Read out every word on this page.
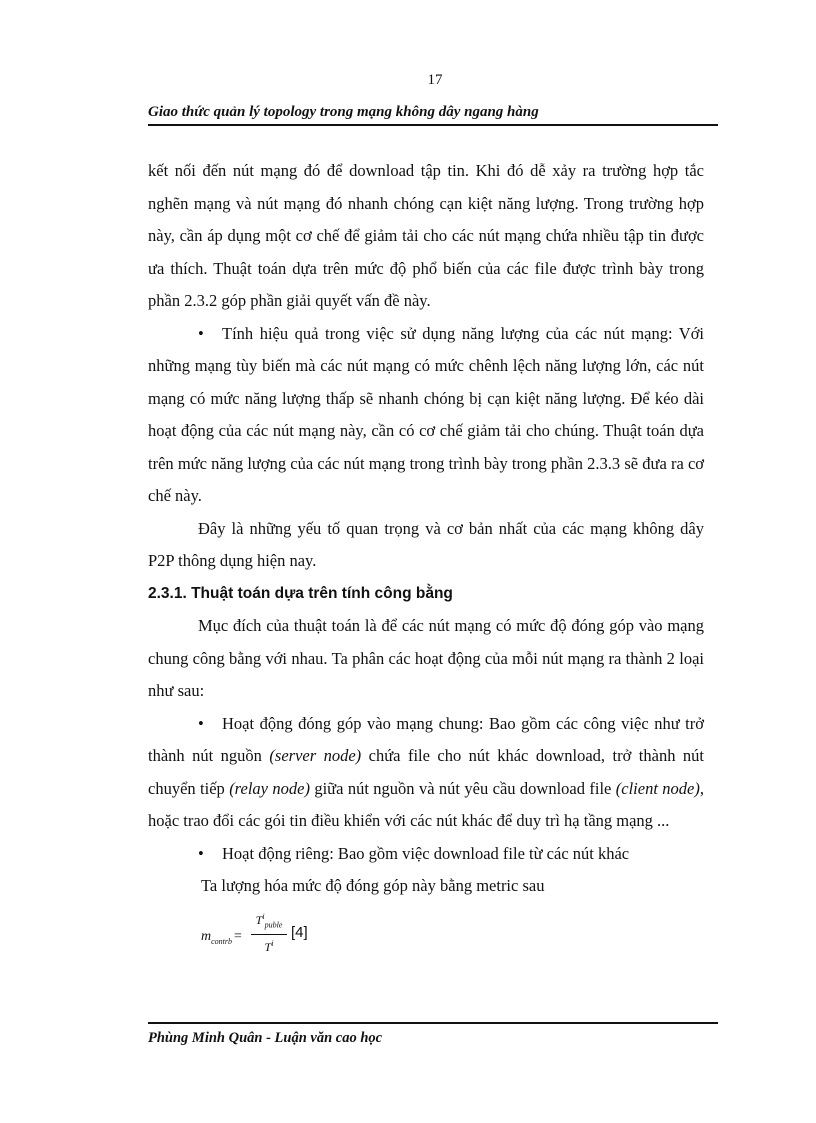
17
Giao thức quản lý topology trong mạng không dây ngang hàng

kết nối đến nút mạng đó để download tập tin. Khi đó dễ xảy ra trường hợp tắc nghẽn mạng và nút mạng đó nhanh chóng cạn kiệt năng lượng. Trong trường hợp này, cần áp dụng một cơ chế để giảm tải cho các nút mạng chứa nhiều tập tin được ưa thích. Thuật toán dựa trên mức độ phổ biến của các file được trình bày trong phần 2.3.2 góp phần giải quyết vấn đề này.

• Tính hiệu quả trong việc sử dụng năng lượng của các nút mạng: Với những mạng tùy biến mà các nút mạng có mức chênh lệch năng lượng lớn, các nút mạng có mức năng lượng thấp sẽ nhanh chóng bị cạn kiệt năng lượng. Để kéo dài hoạt động của các nút mạng này, cần có cơ chế giảm tải cho chúng. Thuật toán dựa trên mức năng lượng của các nút mạng trong trình bày trong phần 2.3.3 sẽ đưa ra cơ chế này.

Đây là những yếu tố quan trọng và cơ bản nhất của các mạng không dây P2P thông dụng hiện nay.

2.3.1. Thuật toán dựa trên tính công bằng

Mục đích của thuật toán là để các nút mạng có mức độ đóng góp vào mạng chung công bằng với nhau. Ta phân các hoạt động của mỗi nút mạng ra thành 2 loại như sau:

• Hoạt động đóng góp vào mạng chung: Bao gồm các công việc như trở thành nút nguồn (server node) chứa file cho nút khác download, trở thành nút chuyển tiếp (relay node) giữa nút nguồn và nút yêu cầu download file (client node), hoặc trao đổi các gói tin điều khiển với các nút khác để duy trì hạ tầng mạng ...

• Hoạt động riêng: Bao gồm việc download file từ các nút khác

Ta lượng hóa mức độ đóng góp này bằng metric sau

$m_{contrb}$ =
$T^i_{puble}$
$T^i$
[4]
Phùng Minh Quân - Luận văn cao học
